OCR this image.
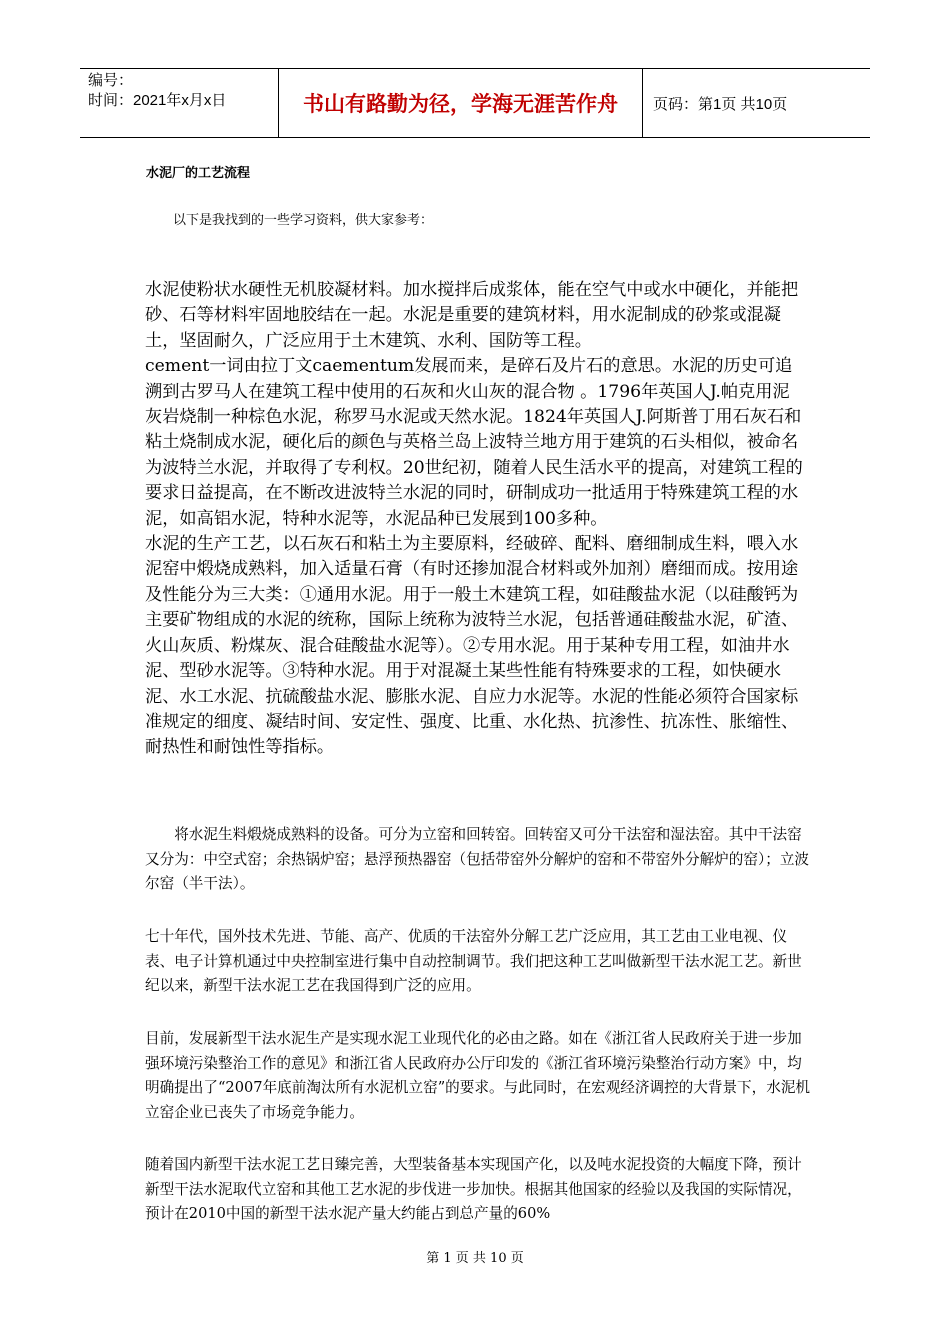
编号：
时间：2021年x月x日	书山有路勤为径，学海无涯苦作舟	页码：第1页 共10页
水泥厂的工艺流程
以下是我找到的一些学习资料，供大家参考：

水泥使粉状水硬性无机胶凝材料。加水搅拌后成浆体，能在空气中或水中硬化，并能把砂、石等材料牢固地胶结在一起。水泥是重要的建筑材料，用水泥制成的砂浆或混凝土，坚固耐久，广泛应用于土木建筑、水利、国防等工程。

cement一词由拉丁文caementum发展而来，是碎石及片石的意思。水泥的历史可追溯到古罗马人在建筑工程中使用的石灰和火山灰的混合物 。1796年英国人J.帕克用泥灰岩烧制一种棕色水泥，称罗马水泥或天然水泥。1824年英国人J.阿斯普丁用石灰石和粘土烧制成水泥，硬化后的颜色与英格兰岛上波特兰地方用于建筑的石头相似，被命名为波特兰水泥，并取得了专利权。20世纪初，随着人民生活水平的提高，对建筑工程的要求日益提高，在不断改进波特兰水泥的同时，研制成功一批适用于特殊建筑工程的水泥，如高铝水泥，特种水泥等，水泥品种已发展到100多种。

水泥的生产工艺，以石灰石和粘土为主要原料，经破碎、配料、磨细制成生料，喂入水泥窑中煅烧成熟料，加入适量石膏（有时还掺加混合材料或外加剂）磨细而成。按用途及性能分为三大类：①通用水泥。用于一般土木建筑工程，如硅酸盐水泥（以硅酸钙为主要矿物组成的水泥的统称，国际上统称为波特兰水泥，包括普通硅酸盐水泥，矿渣、火山灰质、粉煤灰、混合硅酸盐水泥等）。②专用水泥。用于某种专用工程，如油井水泥、型砂水泥等。③特种水泥。用于对混凝土某些性能有特殊要求的工程，如快硬水泥、水工水泥、抗硫酸盐水泥、膨胀水泥、自应力水泥等。水泥的性能必须符合国家标准规定的细度、凝结时间、安定性、强度、比重、水化热、抗渗性、抗冻性、胀缩性、耐热性和耐蚀性等指标。

将水泥生料煅烧成熟料的设备。可分为立窑和回转窑。回转窑又可分干法窑和湿法窑。其中干法窑又分为：中空式窑；余热锅炉窑；悬浮预热器窑（包括带窑外分解炉的窑和不带窑外分解炉的窑）；立波尔窑（半干法）。

七十年代，国外技术先进、节能、高产、优质的干法窑外分解工艺广泛应用，其工艺由工业电视、仪表、电子计算机通过中央控制室进行集中自动控制调节。我们把这种工艺叫做新型干法水泥工艺。新世纪以来，新型干法水泥工艺在我国得到广泛的应用。

目前，发展新型干法水泥生产是实现水泥工业现代化的必由之路。如在《浙江省人民政府关于进一步加强环境污染整治工作的意见》和浙江省人民政府办公厅印发的《浙江省环境污染整治行动方案》中，均明确提出了“2007年底前淘汰所有水泥机立窑”的要求。与此同时，在宏观经济调控的大背景下，水泥机立窑企业已丧失了市场竞争能力。

随着国内新型干法水泥工艺日臻完善，大型装备基本实现国产化，以及吨水泥投资的大幅度下降，预计新型干法水泥取代立窑和其他工艺水泥的步伐进一步加快。根据其他国家的经验以及我国的实际情况，预计在2010中国的新型干法水泥产量大约能占到总产量的60%

第 1 页 共 10 页
